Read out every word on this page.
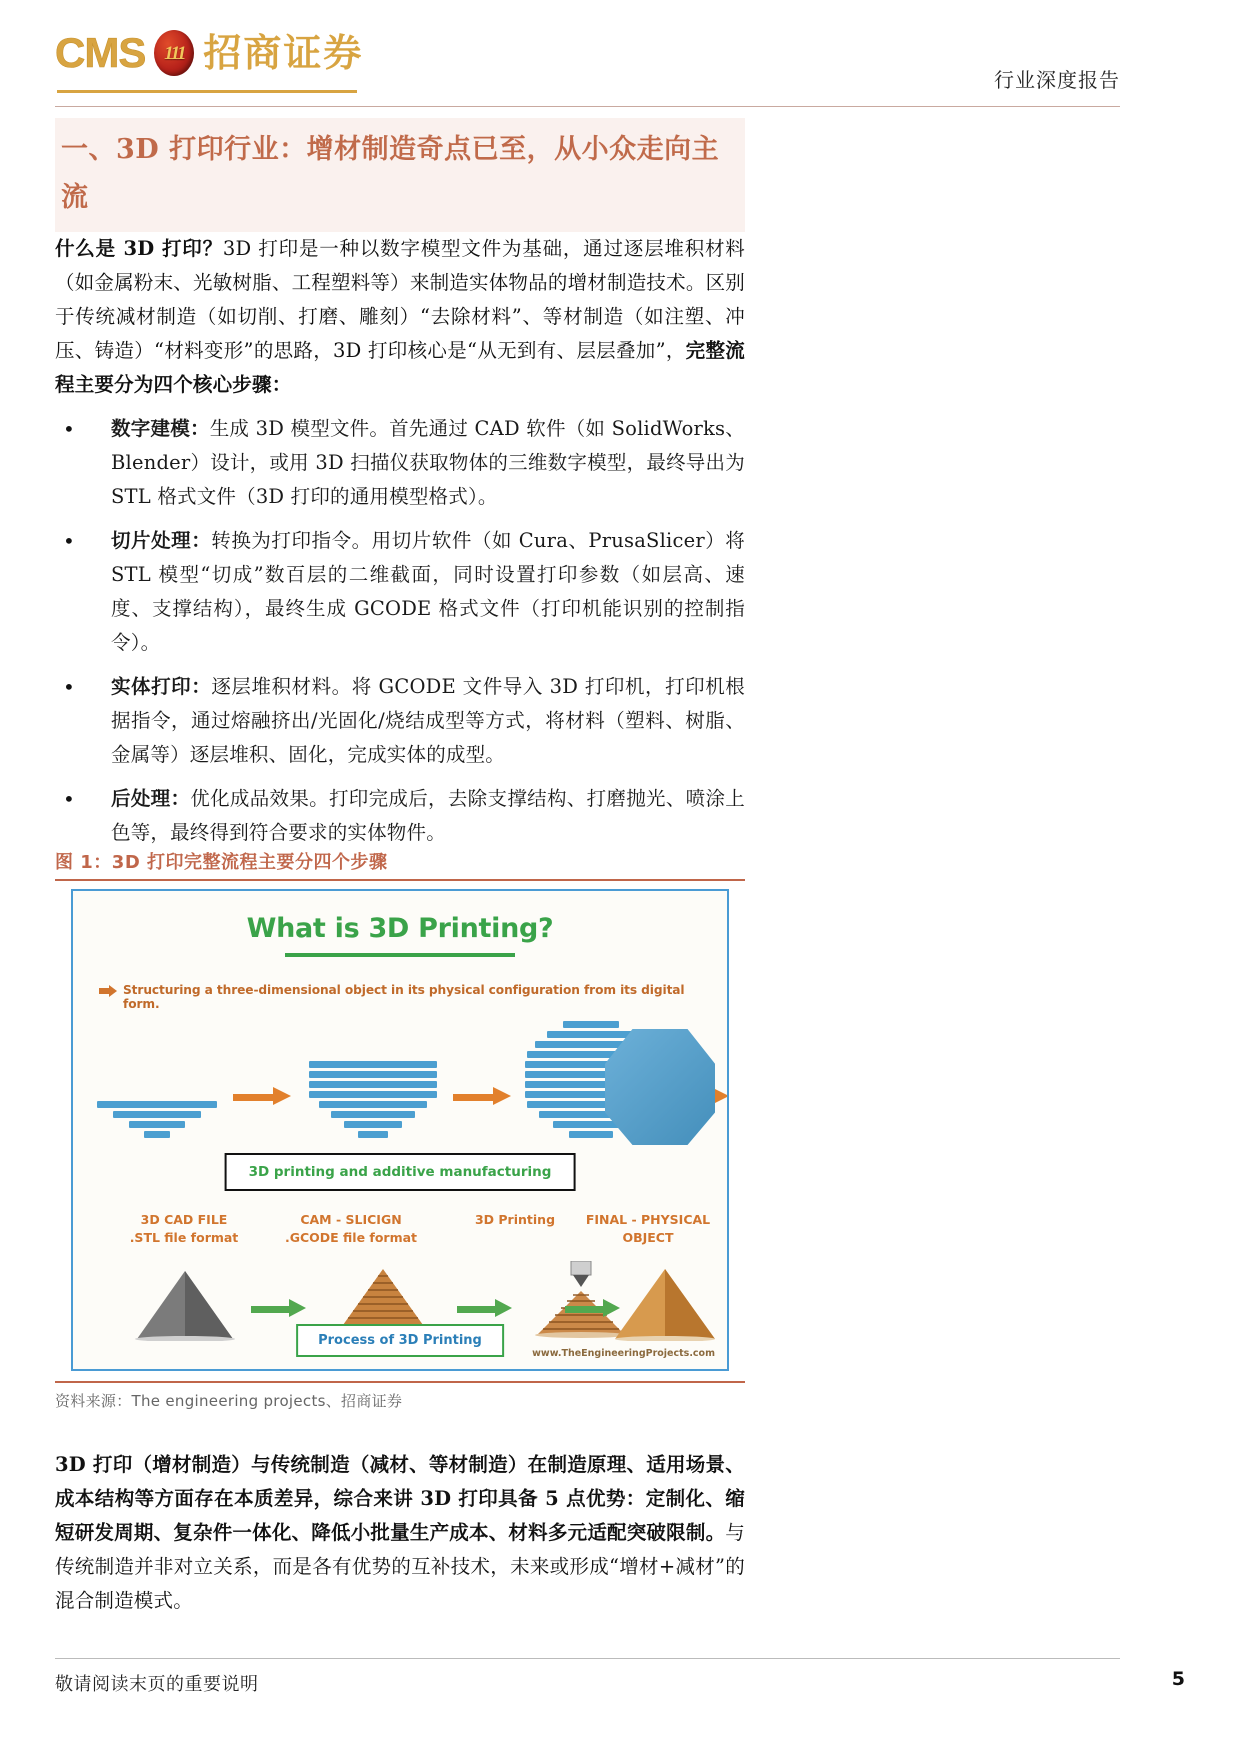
CMS 111 招商证券
行业深度报告
一、3D 打印行业：增材制造奇点已至，从小众走向主流

什么是 3D 打印？3D 打印是一种以数字模型文件为基础，通过逐层堆积材料（如金属粉末、光敏树脂、工程塑料等）来制造实体物品的增材制造技术。区别于传统减材制造（如切削、打磨、雕刻）“去除材料”、等材制造（如注塑、冲压、铸造）“材料变形”的思路，3D 打印核心是“从无到有、层层叠加”，完整流程主要分为四个核心步骤：

• 数字建模：生成 3D 模型文件。首先通过 CAD 软件（如 SolidWorks、Blender）设计，或用 3D 扫描仪获取物体的三维数字模型，最终导出为 STL 格式文件（3D 打印的通用模型格式）。
• 切片处理：转换为打印指令。用切片软件（如 Cura、PrusaSlicer）将 STL 模型“切成”数百层的二维截面，同时设置打印参数（如层高、速度、支撑结构），最终生成 GCODE 格式文件（打印机能识别的控制指令）。
• 实体打印：逐层堆积材料。将 GCODE 文件导入 3D 打印机，打印机根据指令，通过熔融挤出/光固化/烧结成型等方式，将材料（塑料、树脂、金属等）逐层堆积、固化，完成实体的成型。
• 后处理：优化成品效果。打印完成后，去除支撑结构、打磨抛光、喷涂上色等，最终得到符合要求的实体物件。
图 1：3D 打印完整流程主要分四个步骤
What is 3D Printing?
Structuring a three-dimensional object in its physical configuration from its digital form.
3D printing and additive manufacturing
3D CAD FILE
.STL file format
CAM - SLICIGN
.GCODE file format
3D Printing	FINAL - PHYSICAL
OBJECT
Process of 3D Printing
www.TheEngineeringProjects.com
资料来源：The engineering projects、招商证券

3D 打印（增材制造）与传统制造（减材、等材制造）在制造原理、适用场景、成本结构等方面存在本质差异，综合来讲 3D 打印具备 5 点优势：定制化、缩短研发周期、复杂件一体化、降低小批量生产成本、材料多元适配突破限制。与传统制造并非对立关系，而是各有优势的互补技术，未来或形成“增材+减材”的混合制造模式。

敬请阅读末页的重要说明	5
